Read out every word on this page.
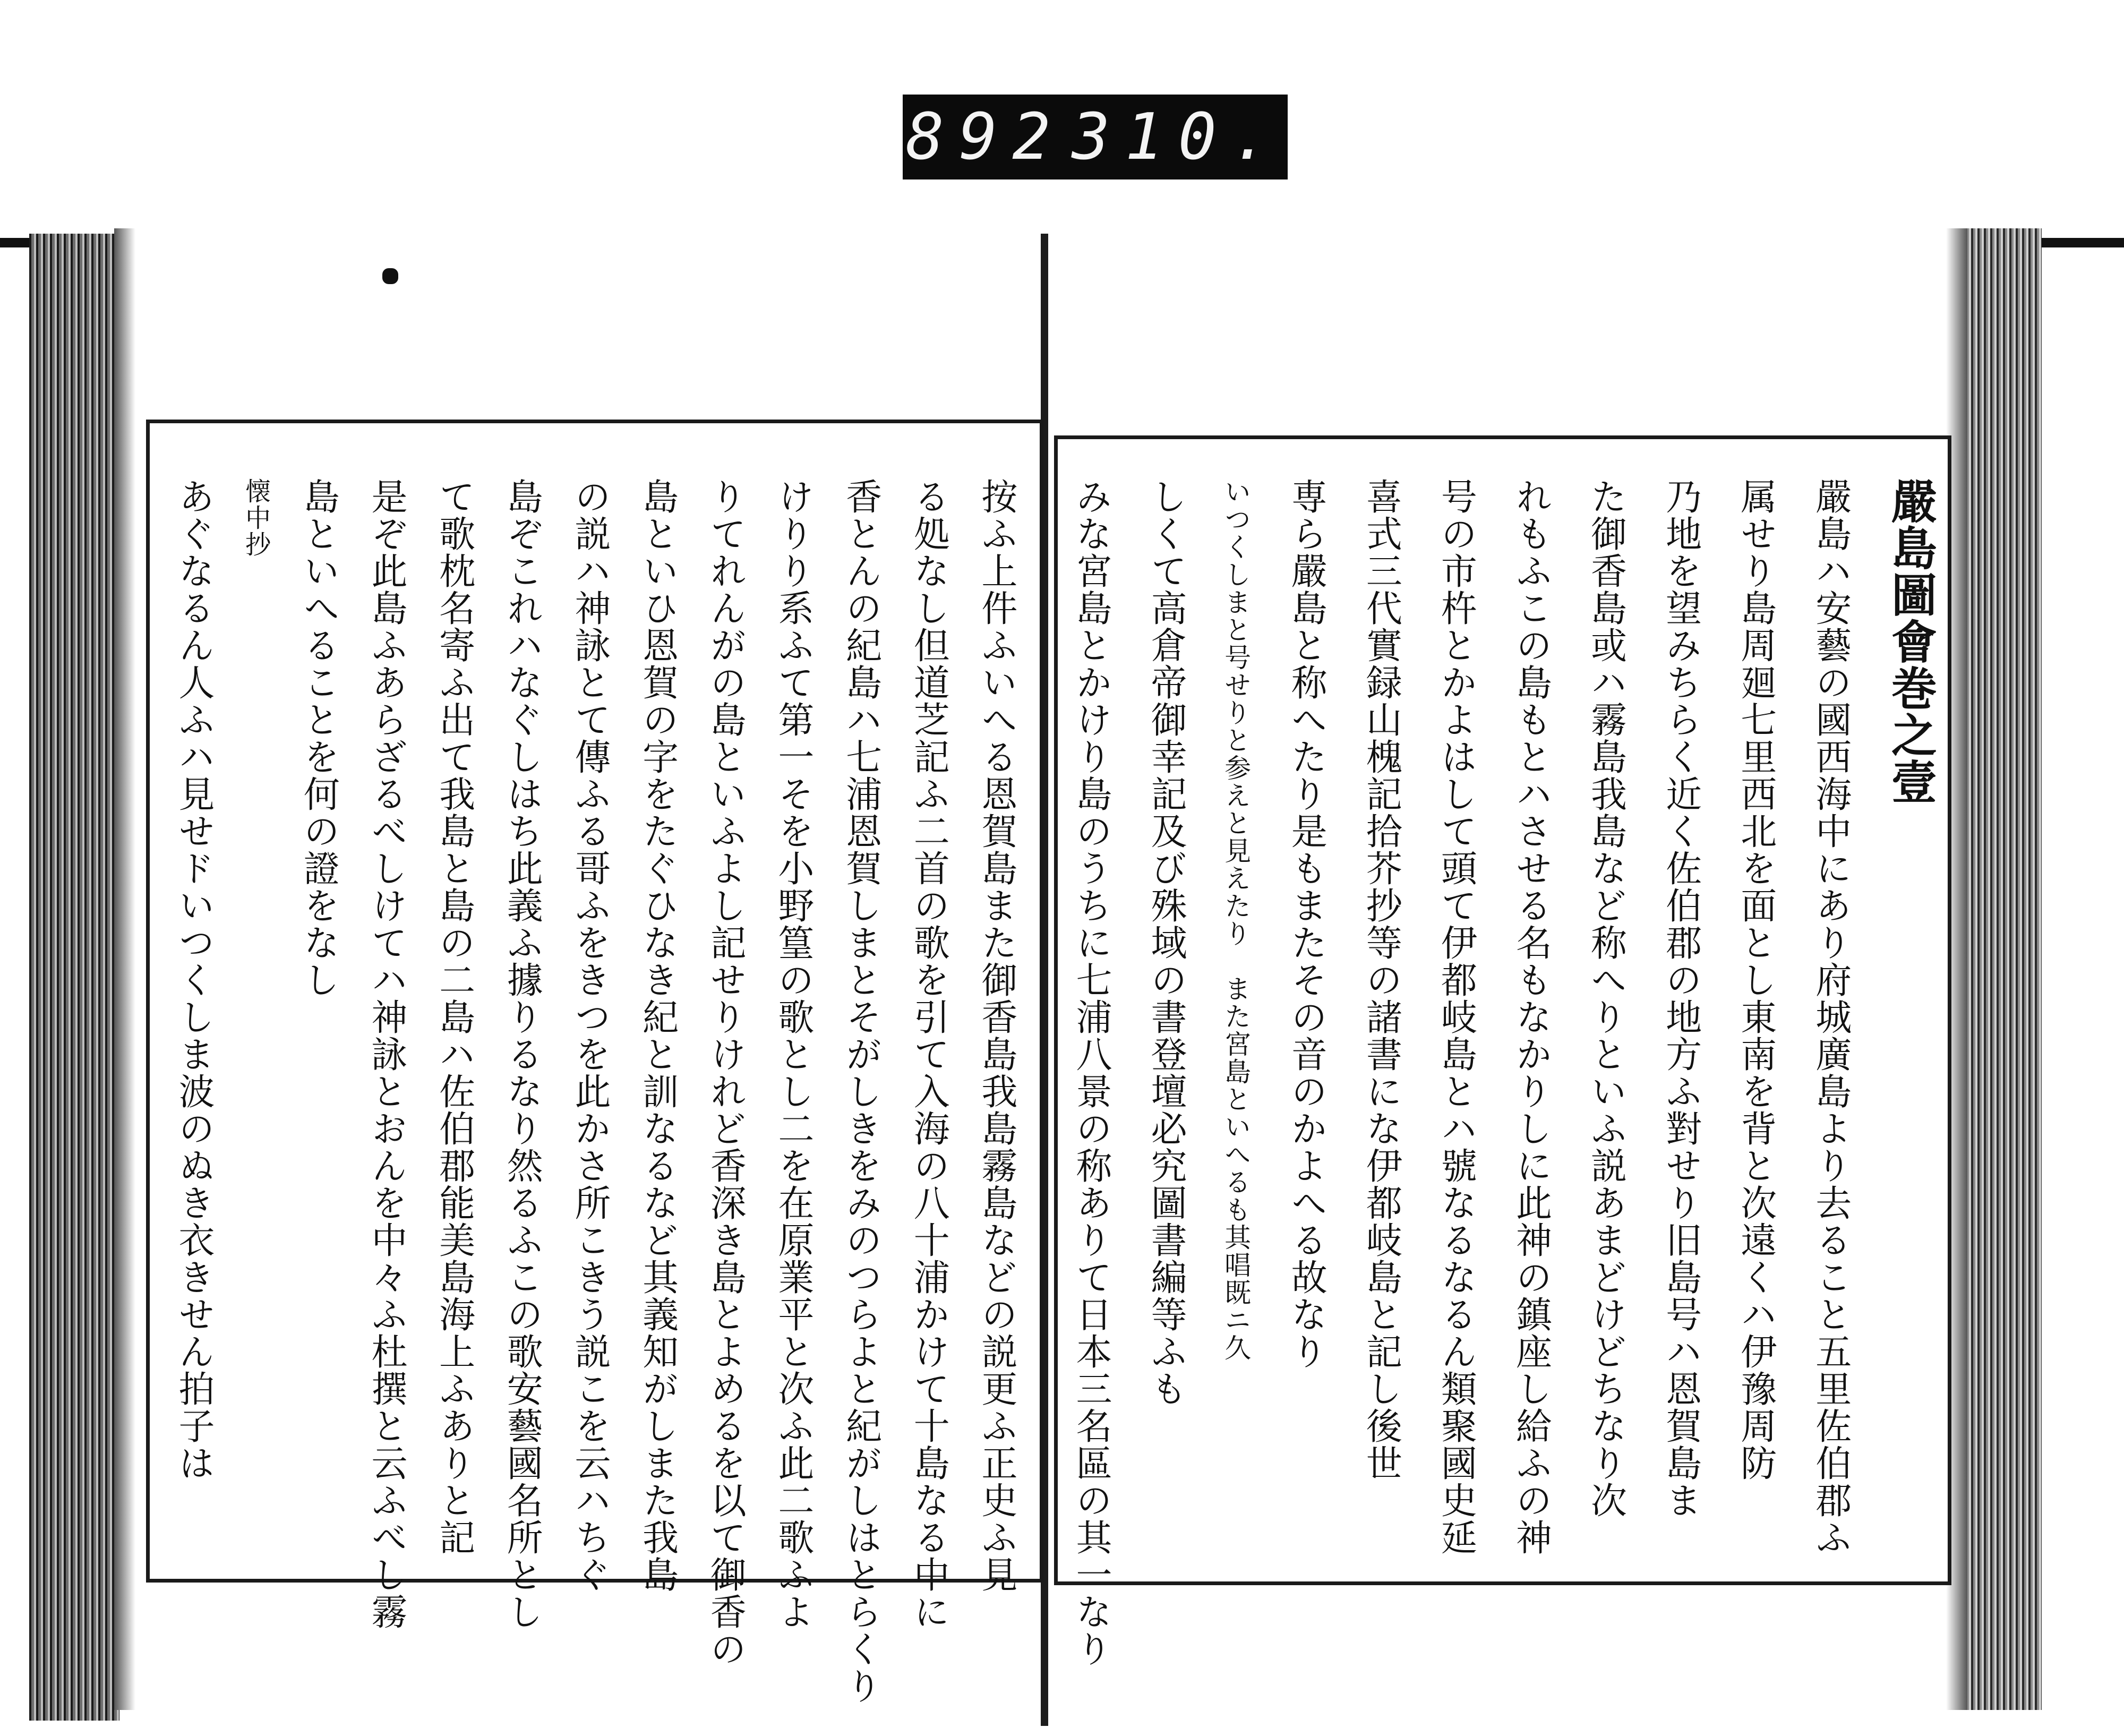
892 310.
嚴島圖會巻之壹
嚴島ハ安藝の國西海中にあり府城廣島より去ること五里佐伯郡ふ
属せり島周廻七里西北を面とし東南を背と次遠くハ伊豫周防
乃地を望みちらく近く佐伯郡の地方ふ對せり旧島号ハ恩賀島ま
た御香島或ハ霧島我島など称へりといふ説あまどけどちなり次
れもふこの島もとハさせる名もなかりしに此神の鎮座し給ふの神
号の市杵とかよはして頭て伊都岐島とハ號なるなるん類聚國史延
喜式三代實録山槐記拾芥抄等の諸書にな伊都岐島と記し後世
専ら嚴島と称へたり是もまたその音のかよへる故なり
いつくしまと号せりと参えと見えたり　また宮島といへるも其唱既ニ久
しくて高倉帝御幸記及び殊域の書登壇必究圖書編等ふも
みな宮島とかけり島のうちに七浦八景の称ありて日本三名區の其一なり
按ふ上件ふいへる恩賀島また御香島我島霧島などの説更ふ正史ふ見
る処なし但道芝記ふ二首の歌を引て入海の八十浦かけて十島なる中に
香とんの紀島ハ七浦恩賀しまとそがしきをみのつらよと紀がしはとらくり
けりり系ふて第一そを小野篁の歌とし二を在原業平と次ふ此二歌ふよ
りてれんがの島といふよし記せりけれど香深き島とよめるを以て御香の
島といひ恩賀の字をたぐひなき紀と訓なるなど其義知がしまた我島
の説ハ神詠とて傳ふる哥ふをきつを此かさ所こきう説こを云ハちぐ
島ぞこれハなぐしはち此義ふ據りるなり然るふこの歌安藝國名所とし
て歌枕名寄ふ出て我島と島の二島ハ佐伯郡能美島海上ふありと記
是ぞ此島ふあらざるべしけてハ神詠とおんを中々ふ杜撰と云ふべし霧
島といへることを何の證をなし
懐中抄
あぐなるん人ふハ見せドいつくしま波のぬき衣きせん拍子は
